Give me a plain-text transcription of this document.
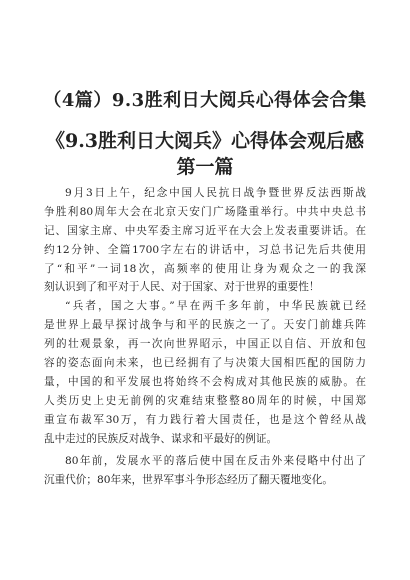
（4篇）9.3胜利日大阅兵心得体会合集
《9.3胜利日大阅兵》心得体会观后感
第一篇
9月3日上午，纪念中国人民抗日战争暨世界反法西斯战
争胜利80周年大会在北京天安门广场隆重举行。中共中央总书
记、国家主席、中央军委主席习近平在大会上发表重要讲话。在
约12分钟、全篇1700字左右的讲话中，习总书记先后共使用
了“和平”一词18次，高频率的使用让身为观众之一的我深
刻认识到了和平对于人民、对于国家、对于世界的重要性！
“兵者，国之大事。”早在两千多年前，中华民族就已经
是世界上最早探讨战争与和平的民族之一了。天安门前雄兵阵
列的壮观景象，再一次向世界昭示，中国正以自信、开放和包
容的姿态面向未来，也已经拥有了与决策大国相匹配的国防力
量，中国的和平发展也将始终不会构成对其他民族的威胁。在
人类历史上史无前例的灾难结束整整80周年的时候，中国郑
重宣布裁军30万，有力践行着大国责任，也是这个曾经从战
乱中走过的民族反对战争、谋求和平最好的例证。
80年前，发展水平的落后使中国在反击外来侵略中付出了
沉重代价；80年来，世界军事斗争形态经历了翻天覆地变化。
